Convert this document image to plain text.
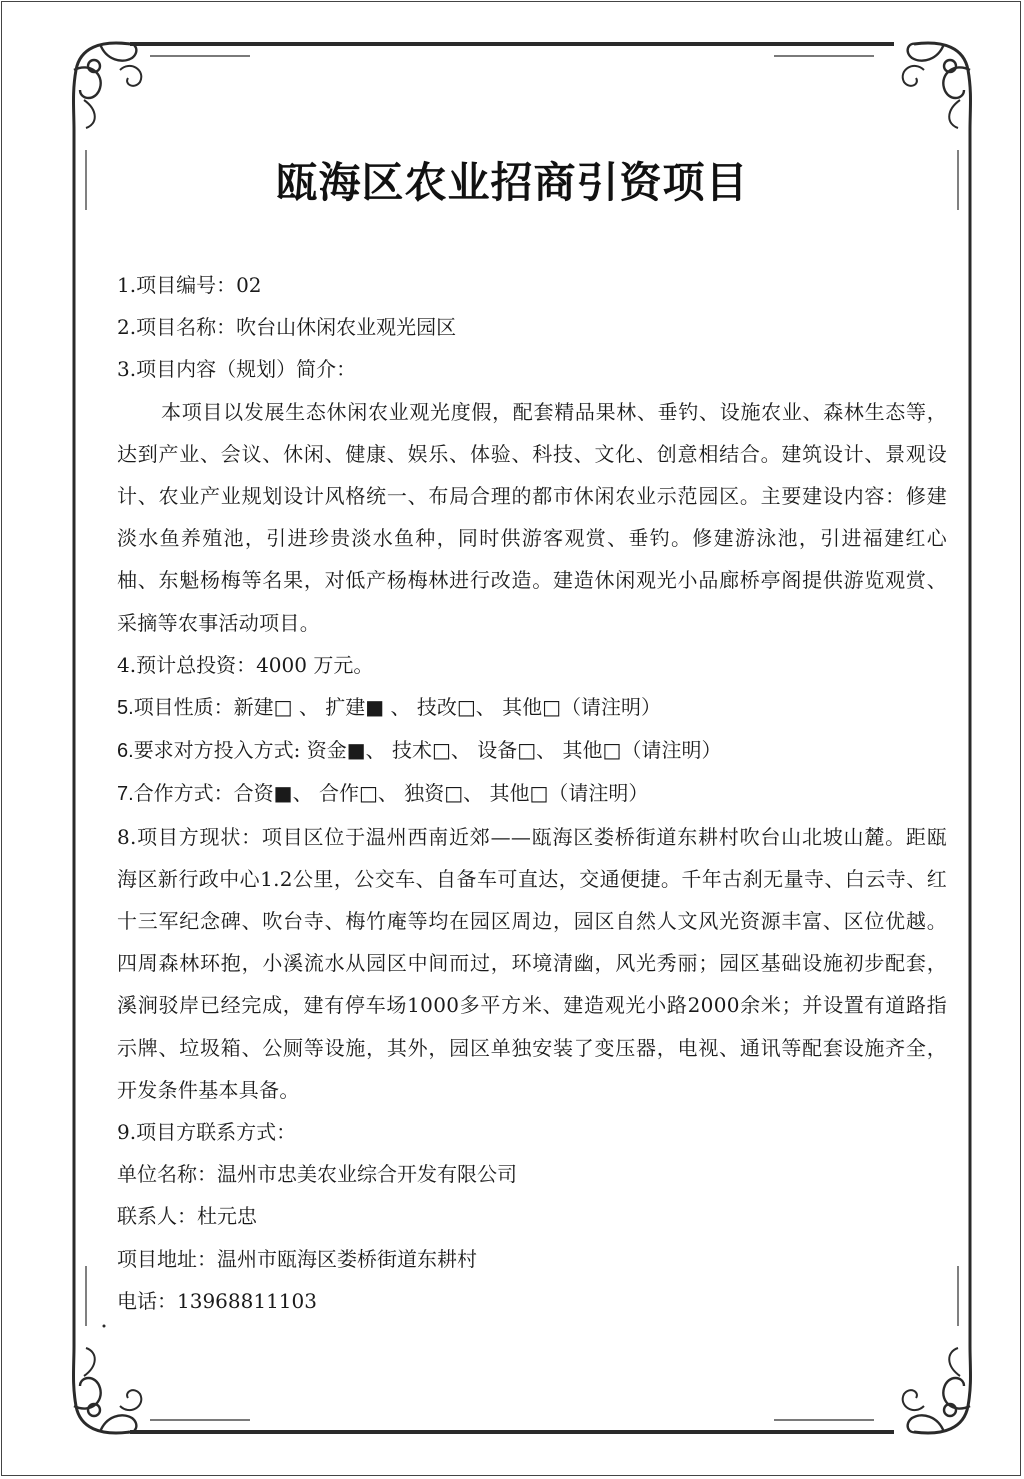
瓯海区农业招商引资项目
1.项目编号：02
2.项目名称：吹台山休闲农业观光园区
3.项目内容（规划）简介：
本项目以发展生态休闲农业观光度假，配套精品果林、垂钓、设施农业、森林生态等，达到产业、会议、休闲、健康、娱乐、体验、科技、文化、创意相结合。建筑设计、景观设计、农业产业规划设计风格统一、布局合理的都市休闲农业示范园区。主要建设内容：修建淡水鱼养殖池，引进珍贵淡水鱼种，同时供游客观赏、垂钓。修建游泳池，引进福建红心柚、东魁杨梅等名果，对低产杨梅林进行改造。建造休闲观光小品廊桥亭阁提供游览观赏、采摘等农事活动项目。
4.预计总投资：4000 万元。
5.项目性质：新建□ 、 扩建■ 、 技改□、 其他□（请注明）
6.要求对方投入方式: 资金■、 技术□、 设备□、 其他□（请注明）
7.合作方式：合资■、 合作□、 独资□、 其他□（请注明）
8.项目方现状：项目区位于温州西南近郊——瓯海区娄桥街道东耕村吹台山北坡山麓。距瓯海区新行政中心1.2公里，公交车、自备车可直达，交通便捷。千年古刹无量寺、白云寺、红十三军纪念碑、吹台寺、梅竹庵等均在园区周边，园区自然人文风光资源丰富、区位优越。四周森林环抱，小溪流水从园区中间而过，环境清幽，风光秀丽；园区基础设施初步配套，溪涧驳岸已经完成，建有停车场1000多平方米、建造观光小路2000余米；并设置有道路指示牌、垃圾箱、公厕等设施，其外，园区单独安装了变压器，电视、通讯等配套设施齐全，开发条件基本具备。
9.项目方联系方式：
单位名称：温州市忠美农业综合开发有限公司
联系人：杜元忠
项目地址：温州市瓯海区娄桥街道东耕村
电话：13968811103
